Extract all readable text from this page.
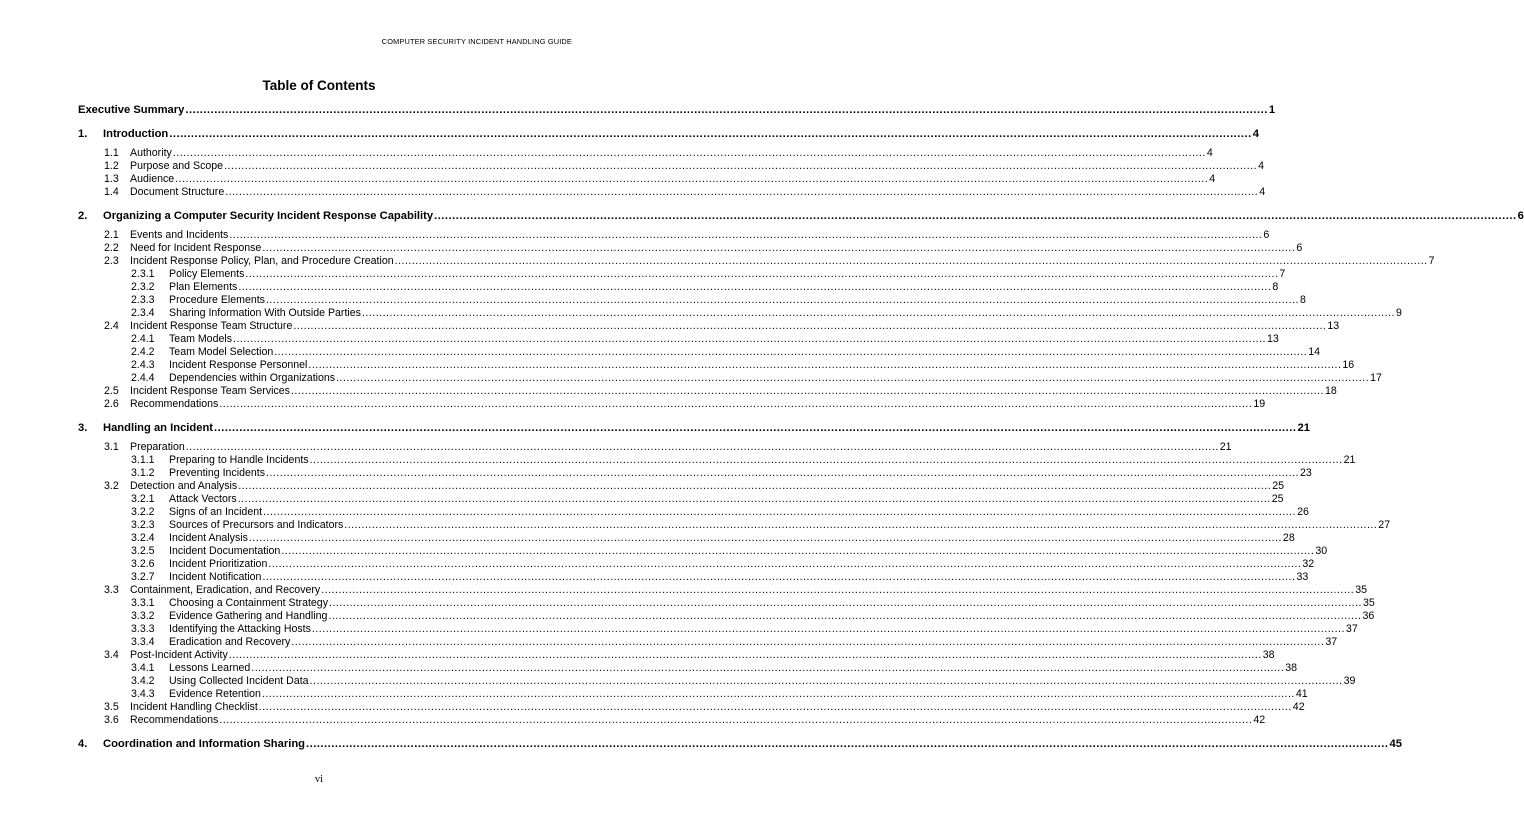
COMPUTER SECURITY INCIDENT HANDLING GUIDE
Table of Contents
Executive Summary ............................................................................................................................................................................................................................................................................................................ 1
1.	Introduction ............................................................................................................................................................................................................................................................................................................ 4
1.1	Authority ............................................................................................................................................................................................................................................................................................................ 4
1.2	Purpose and Scope ............................................................................................................................................................................................................................................................................................................ 4
1.3	Audience ............................................................................................................................................................................................................................................................................................................ 4
1.4	Document Structure ............................................................................................................................................................................................................................................................................................................ 4
2.	Organizing a Computer Security Incident Response Capability ............................................................................................................................................................................................................................................................................................................ 6
2.1	Events and Incidents ............................................................................................................................................................................................................................................................................................................ 6
2.2	Need for Incident Response ............................................................................................................................................................................................................................................................................................................ 6
2.3	Incident Response Policy, Plan, and Procedure Creation ............................................................................................................................................................................................................................................................................................................ 7
2.3.1	Policy Elements ............................................................................................................................................................................................................................................................................................................ 7
2.3.2	Plan Elements ............................................................................................................................................................................................................................................................................................................ 8
2.3.3	Procedure Elements ............................................................................................................................................................................................................................................................................................................ 8
2.3.4	Sharing Information With Outside Parties ............................................................................................................................................................................................................................................................................................................ 9
2.4	Incident Response Team Structure ............................................................................................................................................................................................................................................................................................................ 13
2.4.1	Team Models ............................................................................................................................................................................................................................................................................................................ 13
2.4.2	Team Model Selection ............................................................................................................................................................................................................................................................................................................ 14
2.4.3	Incident Response Personnel ............................................................................................................................................................................................................................................................................................................ 16
2.4.4	Dependencies within Organizations ............................................................................................................................................................................................................................................................................................................ 17
2.5	Incident Response Team Services ............................................................................................................................................................................................................................................................................................................ 18
2.6	Recommendations ............................................................................................................................................................................................................................................................................................................ 19
3.	Handling an Incident ............................................................................................................................................................................................................................................................................................................ 21
3.1	Preparation ............................................................................................................................................................................................................................................................................................................ 21
3.1.1	Preparing to Handle Incidents ............................................................................................................................................................................................................................................................................................................ 21
3.1.2	Preventing Incidents ............................................................................................................................................................................................................................................................................................................ 23
3.2	Detection and Analysis ............................................................................................................................................................................................................................................................................................................ 25
3.2.1	Attack Vectors ............................................................................................................................................................................................................................................................................................................ 25
3.2.2	Signs of an Incident ............................................................................................................................................................................................................................................................................................................ 26
3.2.3	Sources of Precursors and Indicators ............................................................................................................................................................................................................................................................................................................ 27
3.2.4	Incident Analysis ............................................................................................................................................................................................................................................................................................................ 28
3.2.5	Incident Documentation ............................................................................................................................................................................................................................................................................................................ 30
3.2.6	Incident Prioritization ............................................................................................................................................................................................................................................................................................................ 32
3.2.7	Incident Notification ............................................................................................................................................................................................................................................................................................................ 33
3.3	Containment, Eradication, and Recovery ............................................................................................................................................................................................................................................................................................................ 35
3.3.1	Choosing a Containment Strategy ............................................................................................................................................................................................................................................................................................................ 35
3.3.2	Evidence Gathering and Handling ............................................................................................................................................................................................................................................................................................................ 36
3.3.3	Identifying the Attacking Hosts ............................................................................................................................................................................................................................................................................................................ 37
3.3.4	Eradication and Recovery ............................................................................................................................................................................................................................................................................................................ 37
3.4	Post-Incident Activity ............................................................................................................................................................................................................................................................................................................ 38
3.4.1	Lessons Learned ............................................................................................................................................................................................................................................................................................................ 38
3.4.2	Using Collected Incident Data ............................................................................................................................................................................................................................................................................................................ 39
3.4.3	Evidence Retention ............................................................................................................................................................................................................................................................................................................ 41
3.5	Incident Handling Checklist ............................................................................................................................................................................................................................................................................................................ 42
3.6	Recommendations ............................................................................................................................................................................................................................................................................................................ 42
4.	Coordination and Information Sharing ............................................................................................................................................................................................................................................................................................................ 45
vi
